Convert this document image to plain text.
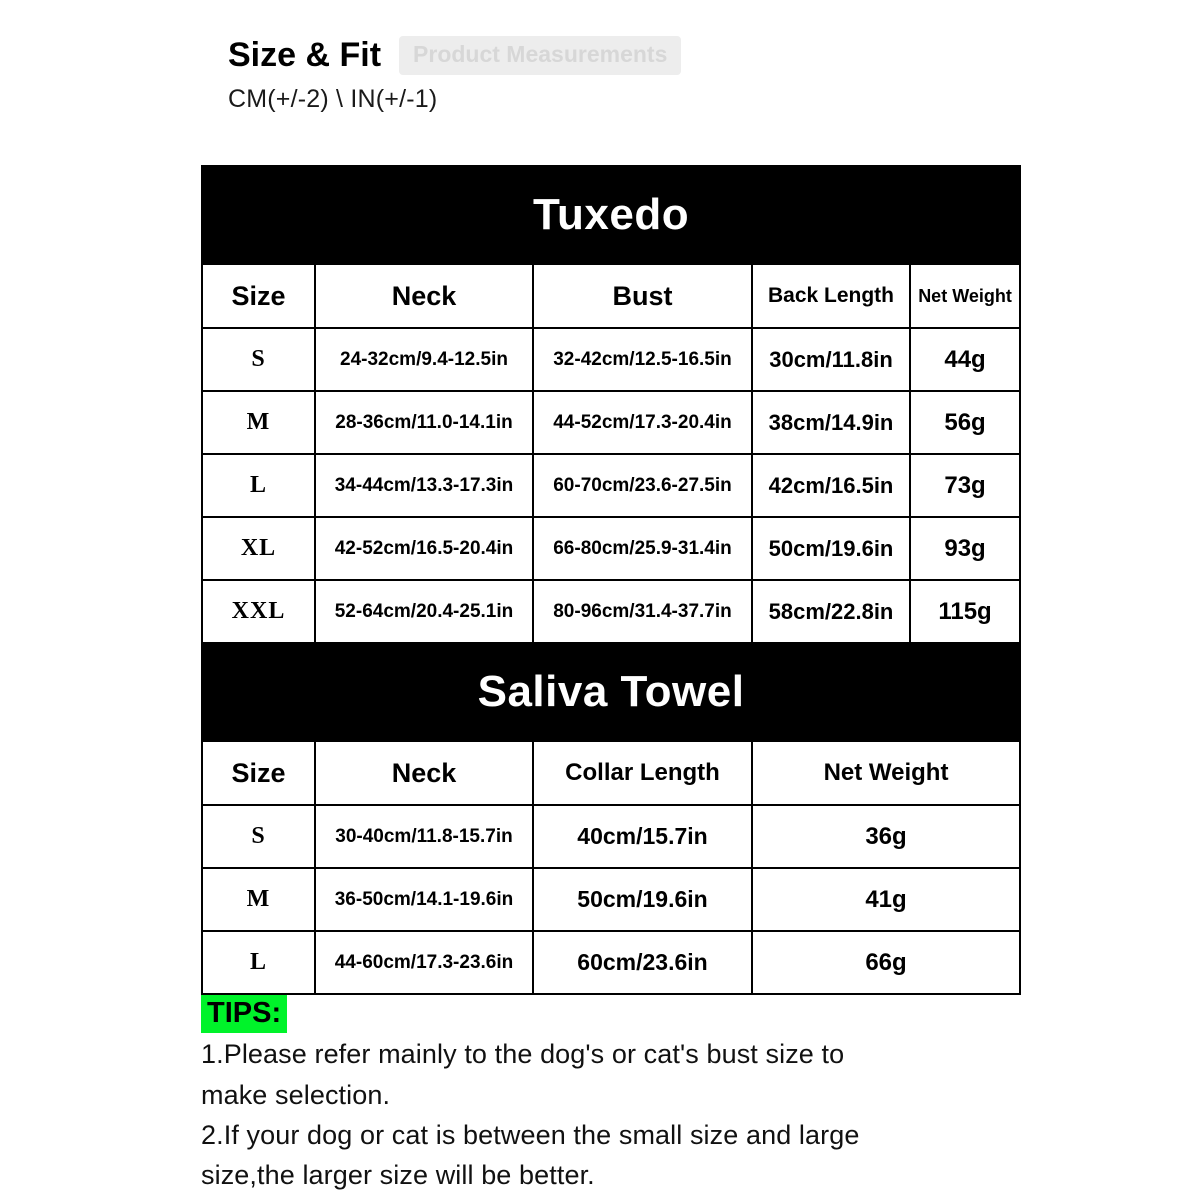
Size & Fit	Product Measurements
CM(+/-2) \ IN(+/-1)
Tuxedo				
Size	Neck	Bust	Back Length	Net Weight
S	24-32cm/9.4-12.5in	32-42cm/12.5-16.5in	30cm/11.8in	44g
M	28-36cm/11.0-14.1in	44-52cm/17.3-20.4in	38cm/14.9in	56g
L	34-44cm/13.3-17.3in	60-70cm/23.6-27.5in	42cm/16.5in	73g
XL	42-52cm/16.5-20.4in	66-80cm/25.9-31.4in	50cm/19.6in	93g
XXL	52-64cm/20.4-25.1in	80-96cm/31.4-37.7in	58cm/22.8in	115g
Saliva Towel			
Size	Neck	Collar Length	Net Weight
S	30-40cm/11.8-15.7in	40cm/15.7in	36g
M	36-50cm/14.1-19.6in	50cm/19.6in	41g
L	44-60cm/17.3-23.6in	60cm/23.6in	66g
TIPS:
1.Please refer mainly to the dog's or cat's bust size to
make selection.
2.If your dog or cat is between the small size and large
size,the larger size will be better.
